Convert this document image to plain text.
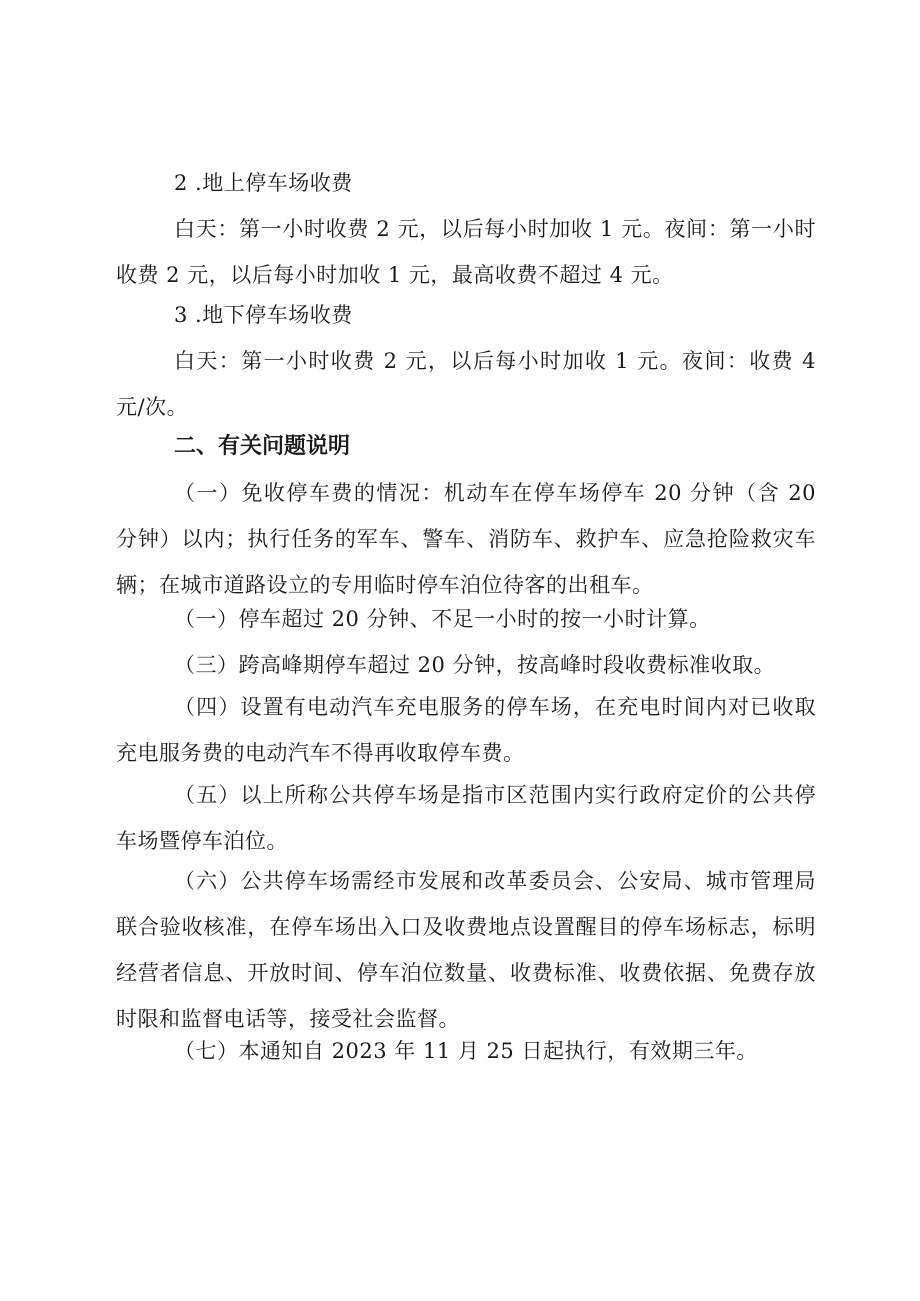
2 .地上停车场收费

白天：第一小时收费 2 元，以后每小时加收 1 元。夜间：第一小时收费 2 元，以后每小时加收 1 元，最高收费不超过 4 元。

3 .地下停车场收费

白天：第一小时收费 2 元，以后每小时加收 1 元。夜间：收费 4 元/次。

二、有关问题说明

（一）免收停车费的情况：机动车在停车场停车 20 分钟（含 20 分钟）以内；执行任务的军车、警车、消防车、救护车、应急抢险救灾车辆；在城市道路设立的专用临时停车泊位待客的出租车。

（一）停车超过 20 分钟、不足一小时的按一小时计算。

（三）跨高峰期停车超过 20 分钟，按高峰时段收费标准收取。

（四）设置有电动汽车充电服务的停车场，在充电时间内对已收取充电服务费的电动汽车不得再收取停车费。

（五）以上所称公共停车场是指市区范围内实行政府定价的公共停车场暨停车泊位。

（六）公共停车场需经市发展和改革委员会、公安局、城市管理局联合验收核准，在停车场出入口及收费地点设置醒目的停车场标志，标明经营者信息、开放时间、停车泊位数量、收费标准、收费依据、免费存放时限和监督电话等，接受社会监督。

（七）本通知自 2023 年 11 月 25 日起执行，有效期三年。
